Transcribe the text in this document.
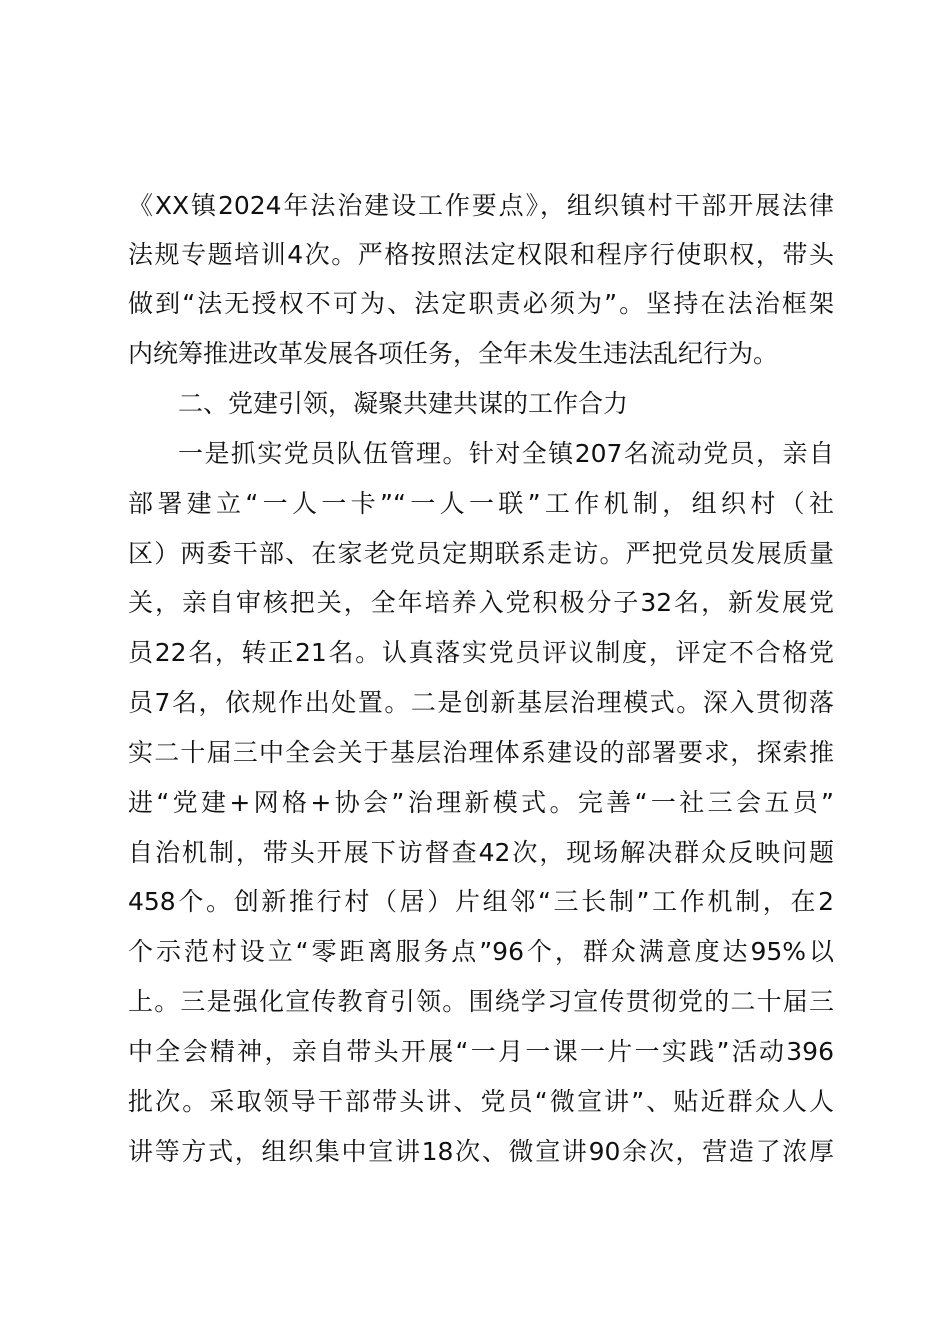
《XX镇2024年法治建设工作要点》，组织镇村干部开展法律
法规专题培训4次。严格按照法定权限和程序行使职权，带头
做到“法无授权不可为、法定职责必须为”。坚持在法治框架
内统筹推进改革发展各项任务，全年未发生违法乱纪行为。
二、党建引领，凝聚共建共谋的工作合力
一是抓实党员队伍管理。针对全镇207名流动党员，亲自
部署建立“一人一卡”“一人一联”工作机制，组织村（社
区）两委干部、在家老党员定期联系走访。严把党员发展质量
关，亲自审核把关，全年培养入党积极分子32名，新发展党
员22名，转正21名。认真落实党员评议制度，评定不合格党
员7名，依规作出处置。二是创新基层治理模式。深入贯彻落
实二十届三中全会关于基层治理体系建设的部署要求，探索推
进“党建+网格+协会”治理新模式。完善“一社三会五员”
自治机制，带头开展下访督查42次，现场解决群众反映问题
458个。创新推行村（居）片组邻“三长制”工作机制，在2
个示范村设立“零距离服务点”96个，群众满意度达95%以
上。三是强化宣传教育引领。围绕学习宣传贯彻党的二十届三
中全会精神，亲自带头开展“一月一课一片一实践”活动396
批次。采取领导干部带头讲、党员“微宣讲”、贴近群众人人
讲等方式，组织集中宣讲18次、微宣讲90余次，营造了浓厚
